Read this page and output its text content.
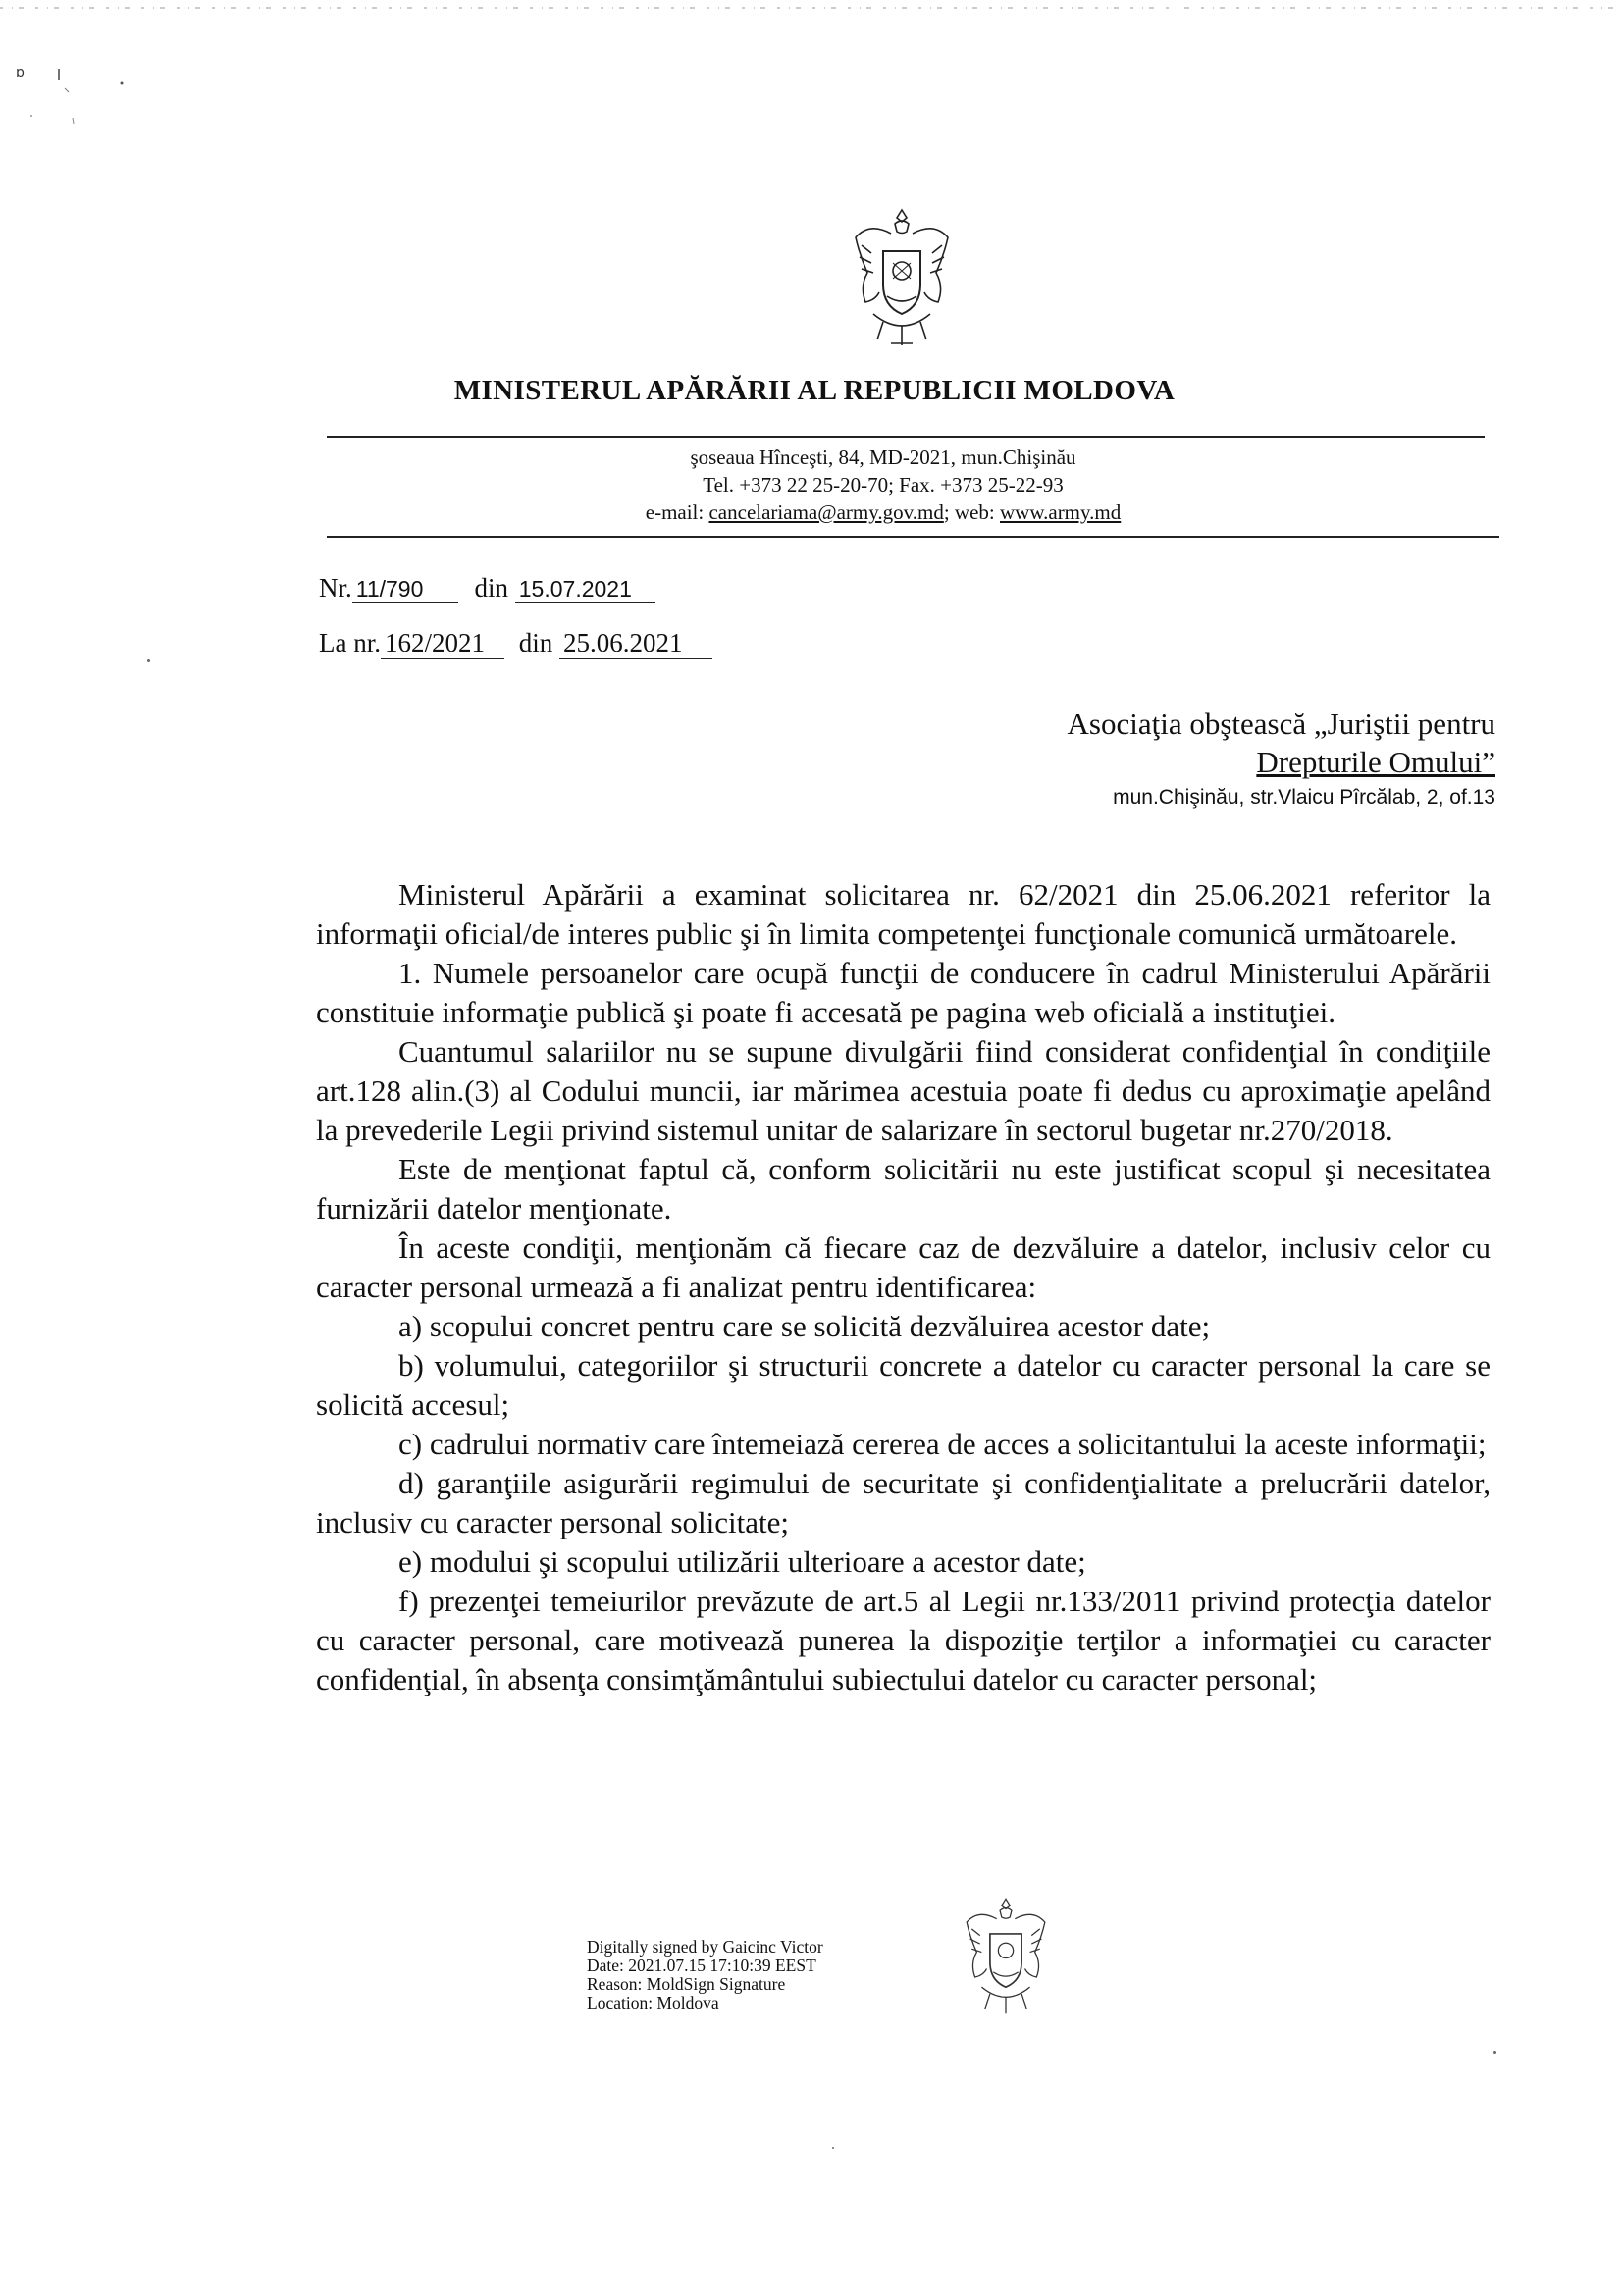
ɒ
MINISTERUL APĂRĂRII AL REPUBLICII MOLDOVA
şoseaua Hînceşti, 84, MD-2021, mun.Chişinău
Tel. +373 22 25-20-70; Fax. +373 25-22-93
e-mail: cancelariama@army.gov.md; web: www.army.md
Nr. 11/790 din 15.07.2021
La nr. 162/2021 din 25.06.2021
Asociaţia obştească „Juriştii pentru
Drepturile Omului”
mun.Chişinău, str.Vlaicu Pîrcălab, 2, of.13

Ministerul Apărării a examinat solicitarea nr. 62/2021 din 25.06.2021 referitor la informaţii oficial/de interes public şi în limita competenţei funcţionale comunică următoarele.

1. Numele persoanelor care ocupă funcţii de conducere în cadrul Ministerului Apărării constituie informaţie publică şi poate fi accesată pe pagina web oficială a instituţiei.

Cuantumul salariilor nu se supune divulgării fiind considerat confidenţial în condiţiile art.128 alin.(3) al Codului muncii, iar mărimea acestuia poate fi dedus cu aproximaţie apelând la prevederile Legii privind sistemul unitar de salarizare în sectorul bugetar nr.270/2018.

Este de menţionat faptul că, conform solicitării nu este justificat scopul şi necesitatea furnizării datelor menţionate.

În aceste condiţii, menţionăm că fiecare caz de dezvăluire a datelor, inclusiv celor cu caracter personal urmează a fi analizat pentru identificarea:

a) scopului concret pentru care se solicită dezvăluirea acestor date;

b) volumului, categoriilor şi structurii concrete a datelor cu caracter personal la care se solicită accesul;

c) cadrului normativ care întemeiază cererea de acces a solicitantului la aceste informaţii;

d) garanţiile asigurării regimului de securitate şi confidenţialitate a prelucrării datelor, inclusiv cu caracter personal solicitate;

e) modului şi scopului utilizării ulterioare a acestor date;

f) prezenţei temeiurilor prevăzute de art.5 al Legii nr.133/2011 privind protecţia datelor cu caracter personal, care motivează punerea la dispoziţie terţilor a informaţiei cu caracter confidenţial, în absenţa consimţământului subiectului datelor cu caracter personal;

Digitally signed by Gaicinc Victor
Date: 2021.07.15 17:10:39 EEST
Reason: MoldSign Signature
Location: Moldova
